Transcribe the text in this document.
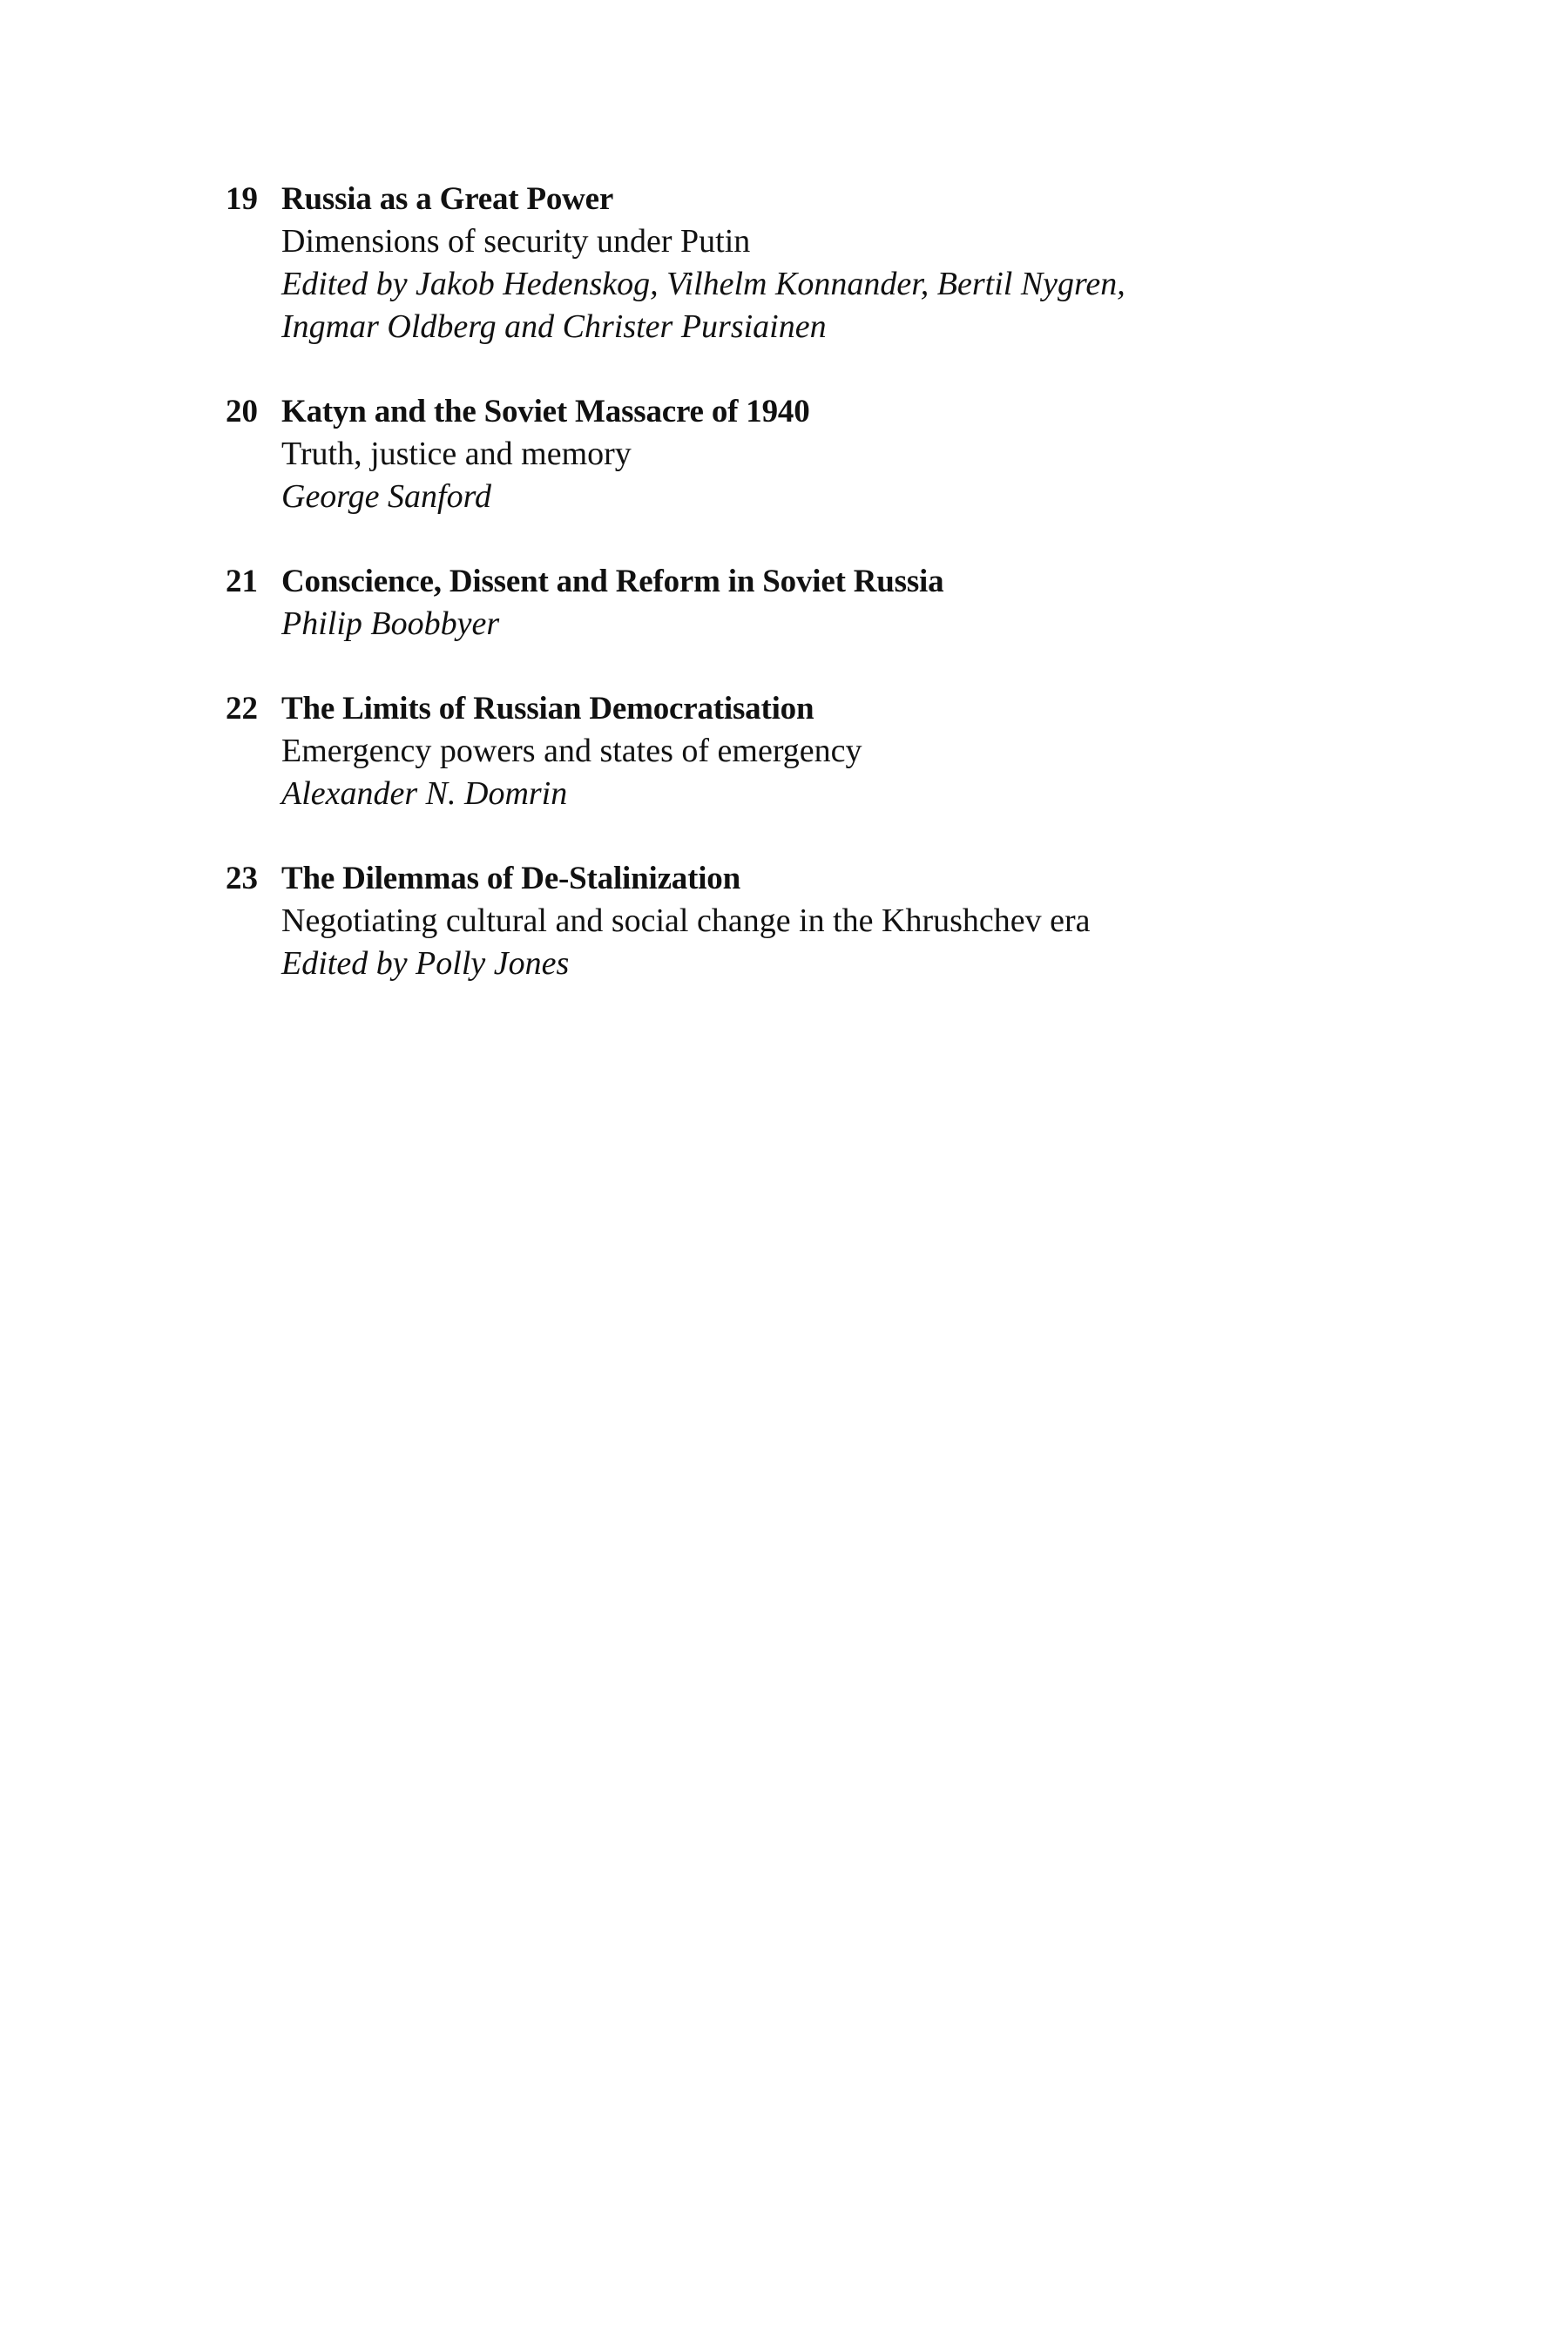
19 Russia as a Great Power
Dimensions of security under Putin
Edited by Jakob Hedenskog, Vilhelm Konnander, Bertil Nygren,
Ingmar Oldberg and Christer Pursiainen
20 Katyn and the Soviet Massacre of 1940
Truth, justice and memory
George Sanford
21 Conscience, Dissent and Reform in Soviet Russia
Philip Boobbyer
22 The Limits of Russian Democratisation
Emergency powers and states of emergency
Alexander N. Domrin
23 The Dilemmas of De-Stalinization
Negotiating cultural and social change in the Khrushchev era
Edited by Polly Jones
